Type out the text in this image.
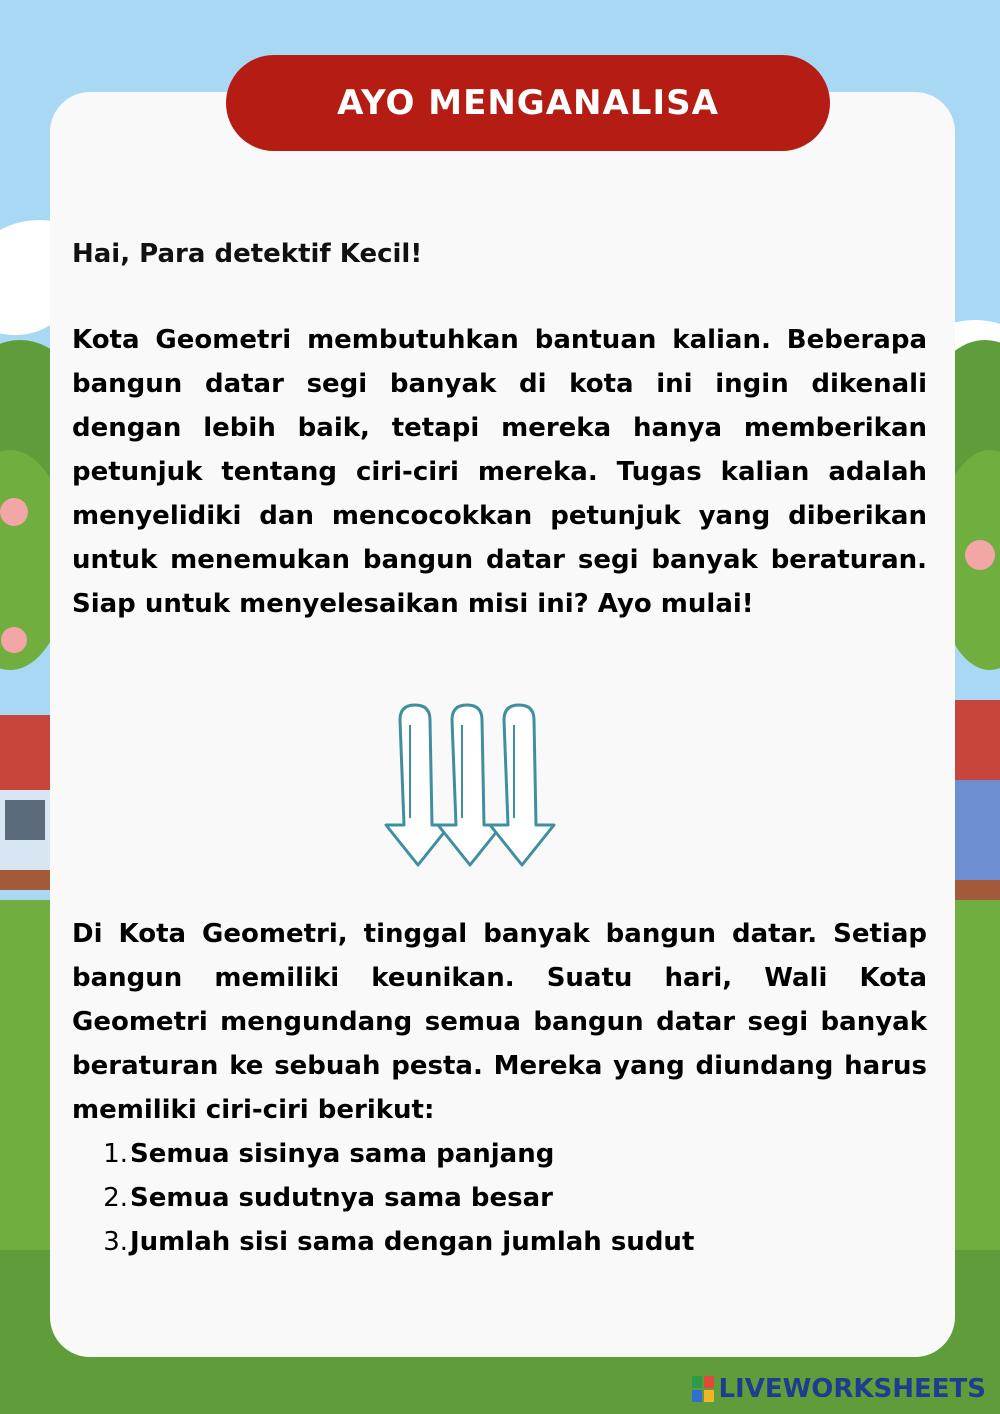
AYO MENGANALISA

Hai, Para detektif Kecil!

Kota Geometri membutuhkan bantuan kalian. Beberapa bangun datar segi banyak di kota ini ingin dikenali dengan lebih baik, tetapi mereka hanya memberikan petunjuk tentang ciri-ciri mereka. Tugas kalian adalah menyelidiki dan mencocokkan petunjuk yang diberikan untuk menemukan bangun datar segi banyak beraturan. Siap untuk menyelesaikan misi ini? Ayo mulai!

Di Kota Geometri, tinggal banyak bangun datar. Setiap bangun memiliki keunikan. Suatu hari, Wali Kota Geometri mengundang semua bangun datar segi banyak beraturan ke sebuah pesta. Mereka yang diundang harus memiliki ciri-ciri berikut:

1. Semua sisinya sama panjang
2. Semua sudutnya sama besar
3. Jumlah sisi sama dengan jumlah sudut
LIVEWORKSHEETS
